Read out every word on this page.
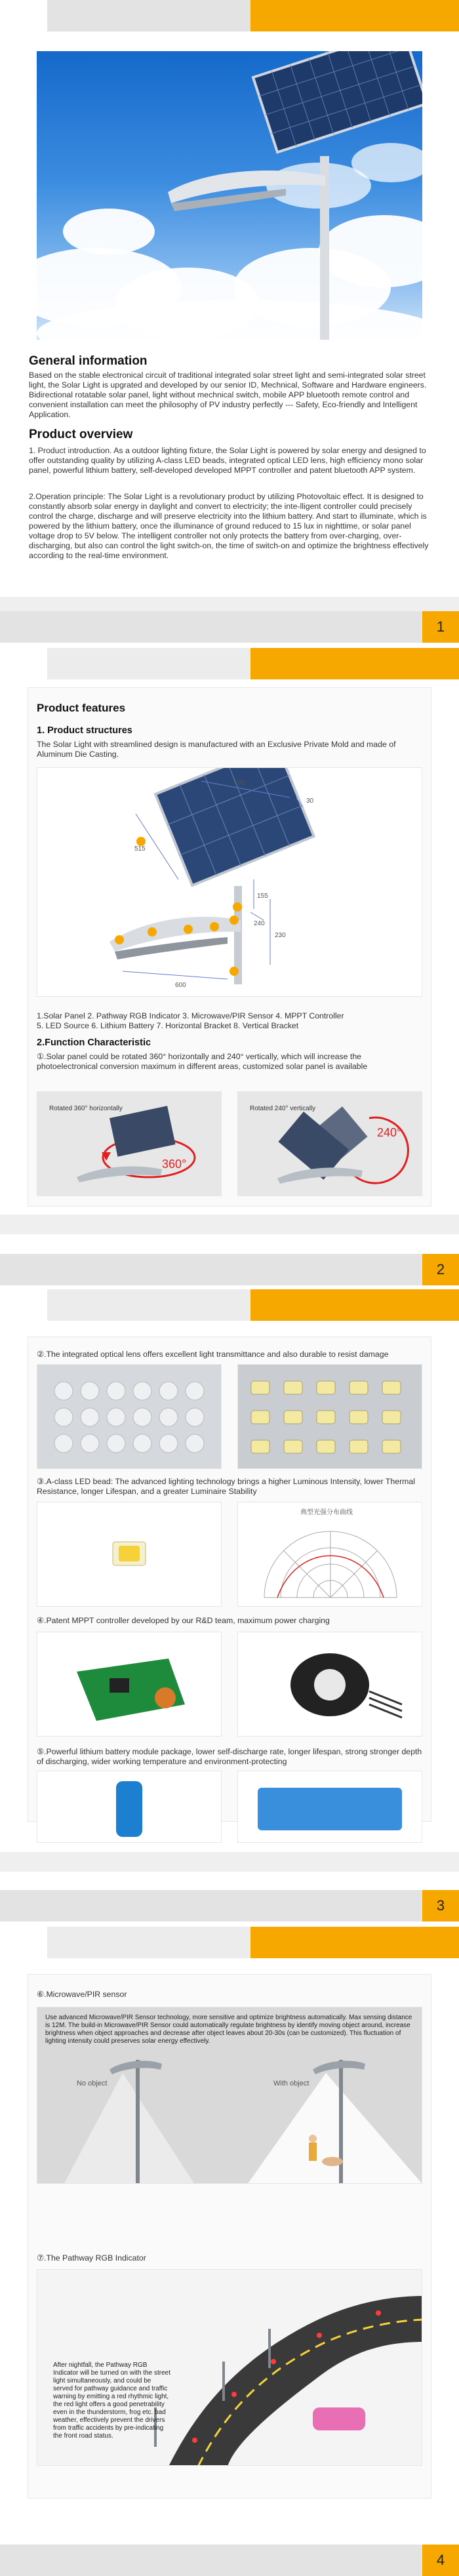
General information
Based on the stable electronical circuit of traditional integrated solar street light and semi-integrated solar street light, the Solar Light is upgrated and developed by our senior ID, Mechnical, Software and Hardware engineers. Bidirectional rotatable solar panel, light without mechnical switch, mobile APP bluetooth remote control and convenient installation can meet the philosophy of PV industry perfectly --- Safety, Eco-friendly and Intelligent Application.
Product overview
1. Product introduction. As a outdoor lighting fixture, the Solar Light is powered by solar energy and designed to offer outstanding quality by utilizing A-class LED beads, integrated optical LED lens, high efficiency mono solar panel, powerful lithium battery, self-developed developed MPPT controller and patent bluetooth APP system.
2.Operation principle: The Solar Light is a revolutionary product by utilizing Photovoltaic effect. It is designed to constantly absorb solar energy in daylight and convert to electricity; the inte-lligent controller could precisely control the charge, discharge and will preserve electricity into the lithium battery. And start to illuminate, which is powered by the lithium battery, once the illuminance of ground reduced to 15 lux in nighttime, or solar panel voltage drop to 5V below. The intelligent controller not only protects the battery from over-charging, over-discharging, but also can control the light switch-on, the time of switch-on and optimize the brightness effectively according to the real-time environment.
1
Product features
1. Product structures
The Solar Light with streamlined design is manufactured with an Exclusive Private Mold and made of Aluminum Die Casting.
430
30
515
155
240
230
600
1.Solar Panel 2. Pathway RGB Indicator 3. Microwave/PIR Sensor 4. MPPT Controller
5. LED Source 6. Lithium Battery 7. Horizontal Bracket 8. Vertical Bracket
2.Function Characteristic
①.Solar panel could be rotated 360° horizontally and 240° vertically, which will increase the photoelectronical conversion maximum in different areas, customized solar panel is available
Rotated 360° horizontally
360°
Rotated 240° vertically
240°
2
②.The integrated optical lens offers excellent light transmittance and also durable to resist damage
③.A-class LED bead: The advanced lighting technology brings a higher Luminous Intensity, lower Thermal Resistance, longer Lifespan, and a greater Luminaire Stability
典型光强分布曲线
④.Patent MPPT controller developed by our R&D team, maximum power charging
⑤.Powerful lithium battery module package, lower self-discharge rate, longer lifespan, strong stronger depth of discharging, wider working temperature and environment-protecting
3
⑥.Microwave/PIR sensor
Use advanced Microwave/PIR Sensor technology, more sensitive and optimize brightness automatically. Max sensing distance is 12M. The build-in Microwave/PIR Sensor could automatically regulate brightness by identify moving object around, increase brightness when object approaches and decrease after object leaves about 20-30s (can be customized). This fluctuation of lighting intensity could preserves solar energy effectively.
No object	With object
⑦.The Pathway RGB Indicator
After nightfall, the Pathway RGB Indicator will be turned on with the street light simultaneously, and could be served for pathway guidance and traffic warning by emitting a red rhythmic light, the red light offers a good penetrability even in the thunderstorm, frog etc. bad weather, effectively prevent the drivers from traffic accidents by pre-indicating the front road status.
4
